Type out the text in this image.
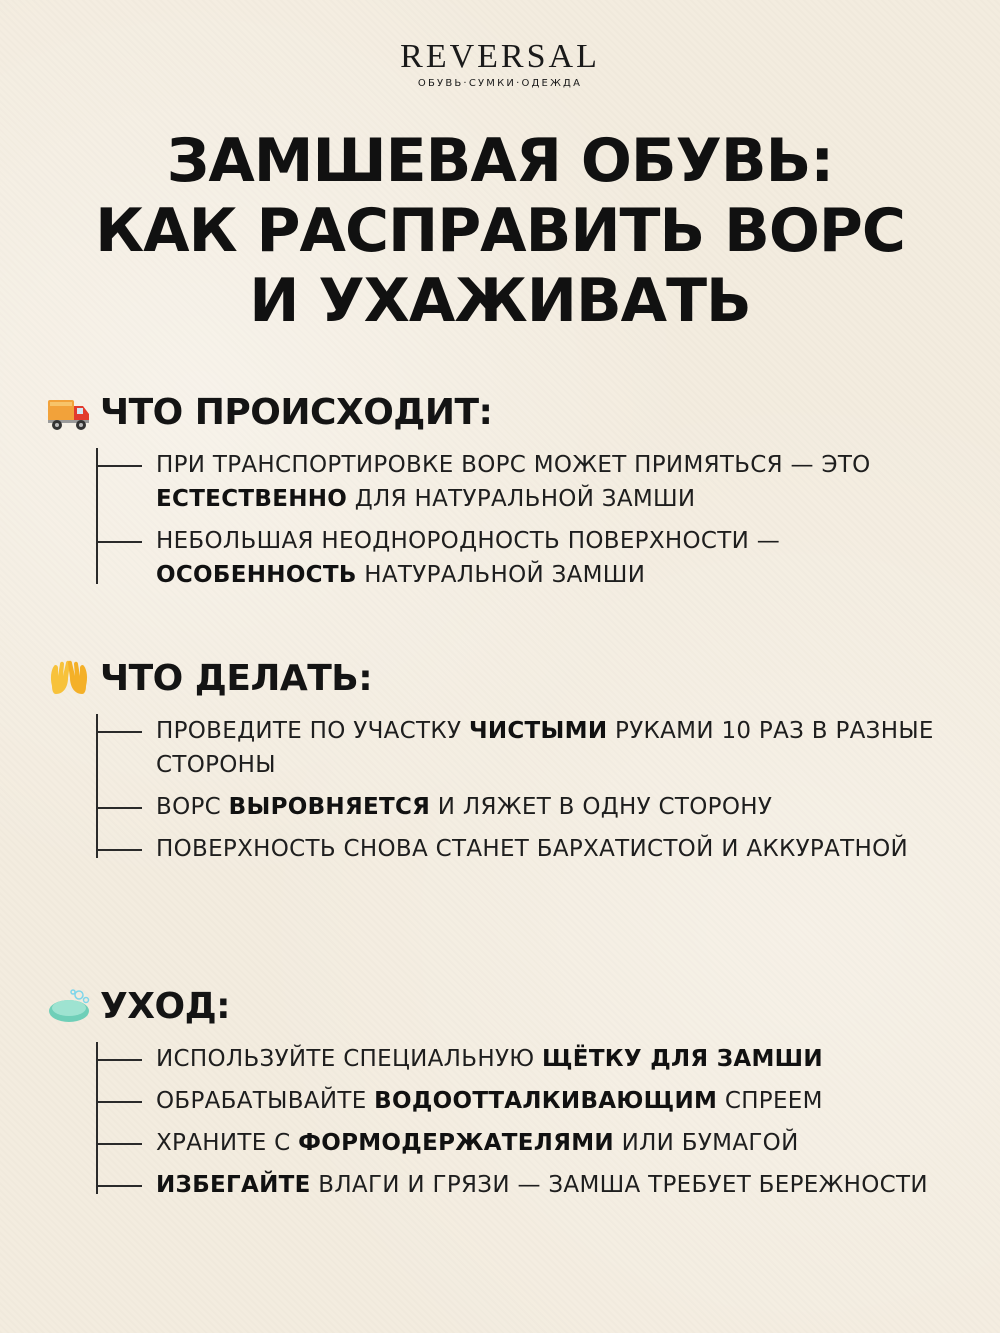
REVERSAL
ОБУВЬ·СУМКИ·ОДЕЖДА
ЗАМШЕВАЯ ОБУВЬ:
КАК РАСПРАВИТЬ ВОРС
И УХАЖИВАТЬ
ЧТО ПРОИСХОДИТ:
ПРИ ТРАНСПОРТИРОВКЕ ВОРС МОЖЕТ ПРИМЯТЬСЯ — ЭТО ЕСТЕСТВЕННО ДЛЯ НАТУРАЛЬНОЙ ЗАМШИ
НЕБОЛЬШАЯ НЕОДНОРОДНОСТЬ ПОВЕРХНОСТИ — ОСОБЕННОСТЬ НАТУРАЛЬНОЙ ЗАМШИ
ЧТО ДЕЛАТЬ:
ПРОВЕДИТЕ ПО УЧАСТКУ ЧИСТЫМИ РУКАМИ 10 РАЗ В РАЗНЫЕ СТОРОНЫ
ВОРС ВЫРОВНЯЕТСЯ И ЛЯЖЕТ В ОДНУ СТОРОНУ
ПОВЕРХНОСТЬ СНОВА СТАНЕТ БАРХАТИСТОЙ И АККУРАТНОЙ
УХОД:
ИСПОЛЬЗУЙТЕ СПЕЦИАЛЬНУЮ ЩЁТКУ ДЛЯ ЗАМШИ
ОБРАБАТЫВАЙТЕ ВОДООТТАЛКИВАЮЩИМ СПРЕЕМ
ХРАНИТЕ С ФОРМОДЕРЖАТЕЛЯМИ ИЛИ БУМАГОЙ
ИЗБЕГАЙТЕ ВЛАГИ И ГРЯЗИ — ЗАМША ТРЕБУЕТ БЕРЕЖНОСТИ
